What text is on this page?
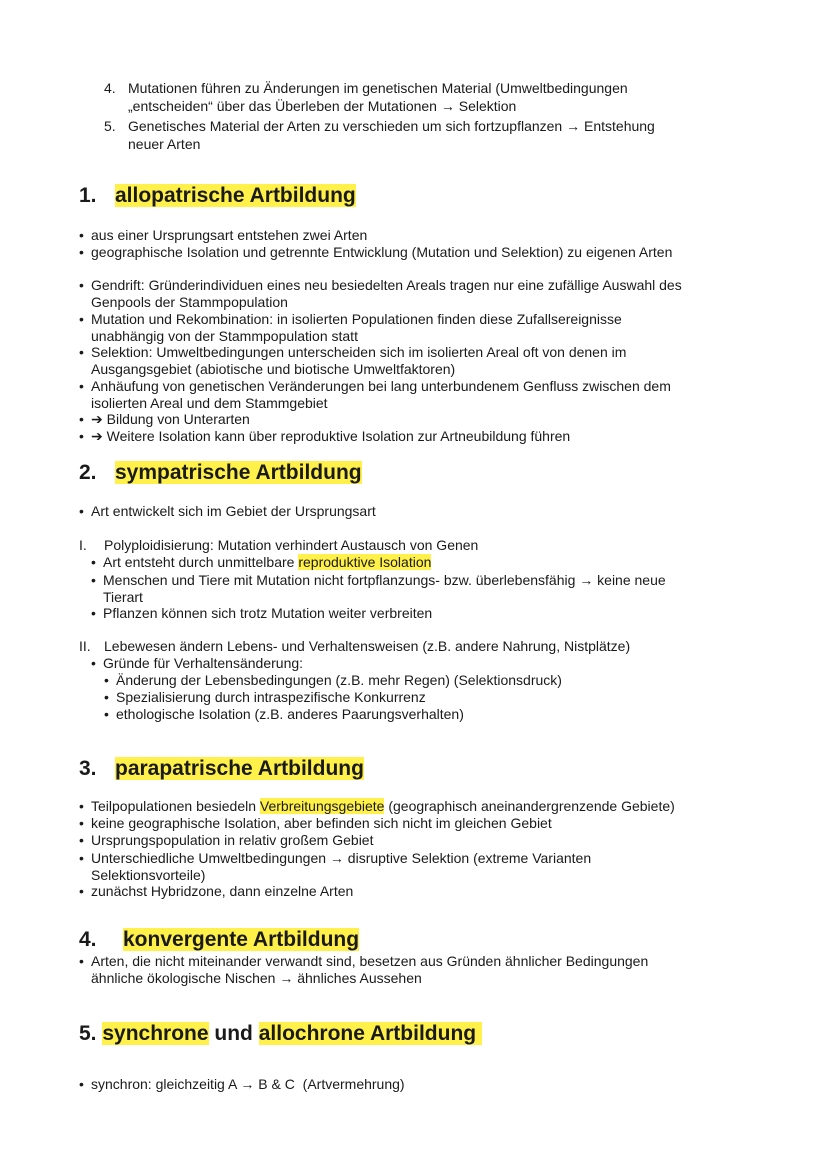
4. Mutationen führen zu Änderungen im genetischen Material (Umweltbedingungen
„entscheiden“ über das Überleben der Mutationen → Selektion
5. Genetisches Material der Arten zu verschieden um sich fortzupflanzen → Entstehung
neuer Arten
1. allopatrische Artbildung
• aus einer Ursprungsart entstehen zwei Arten
• geographische Isolation und getrennte Entwicklung (Mutation und Selektion) zu eigenen Arten
• Gendrift: Gründerindividuen eines neu besiedelten Areals tragen nur eine zufällige Auswahl des
Genpools der Stammpopulation
• Mutation und Rekombination: in isolierten Populationen finden diese Zufallsereignisse
unabhängig von der Stammpopulation statt
• Selektion: Umweltbedingungen unterscheiden sich im isolierten Areal oft von denen im
Ausgangsgebiet (abiotische und biotische Umweltfaktoren)
• Anhäufung von genetischen Veränderungen bei lang unterbundenem Genfluss zwischen dem
isolierten Areal und dem Stammgebiet
• ➔ Bildung von Unterarten
• ➔ Weitere Isolation kann über reproduktive Isolation zur Artneubildung führen
2. sympatrische Artbildung
• Art entwickelt sich im Gebiet der Ursprungsart
I. Polyploidisierung: Mutation verhindert Austausch von Genen
• Art entsteht durch unmittelbare reproduktive Isolation
• Menschen und Tiere mit Mutation nicht fortpflanzungs- bzw. überlebensfähig → keine neue
Tierart
• Pflanzen können sich trotz Mutation weiter verbreiten
II. Lebewesen ändern Lebens- und Verhaltensweisen (z.B. andere Nahrung, Nistplätze)
• Gründe für Verhaltensänderung:
• Änderung der Lebensbedingungen (z.B. mehr Regen) (Selektionsdruck)
• Spezialisierung durch intraspezifische Konkurrenz
• ethologische Isolation (z.B. anderes Paarungsverhalten)
3. parapatrische Artbildung
• Teilpopulationen besiedeln Verbreitungsgebiete (geographisch aneinandergrenzende Gebiete)
• keine geographische Isolation, aber befinden sich nicht im gleichen Gebiet
• Ursprungspopulation in relativ großem Gebiet
• Unterschiedliche Umweltbedingungen → disruptive Selektion (extreme Varianten
Selektionsvorteile)
• zunächst Hybridzone, dann einzelne Arten
4. konvergente Artbildung
• Arten, die nicht miteinander verwandt sind, besetzen aus Gründen ähnlicher Bedingungen
ähnliche ökologische Nischen → ähnliches Aussehen
5. synchrone und allochrone Artbildung
• synchron: gleichzeitig A → B & C  (Artvermehrung)
